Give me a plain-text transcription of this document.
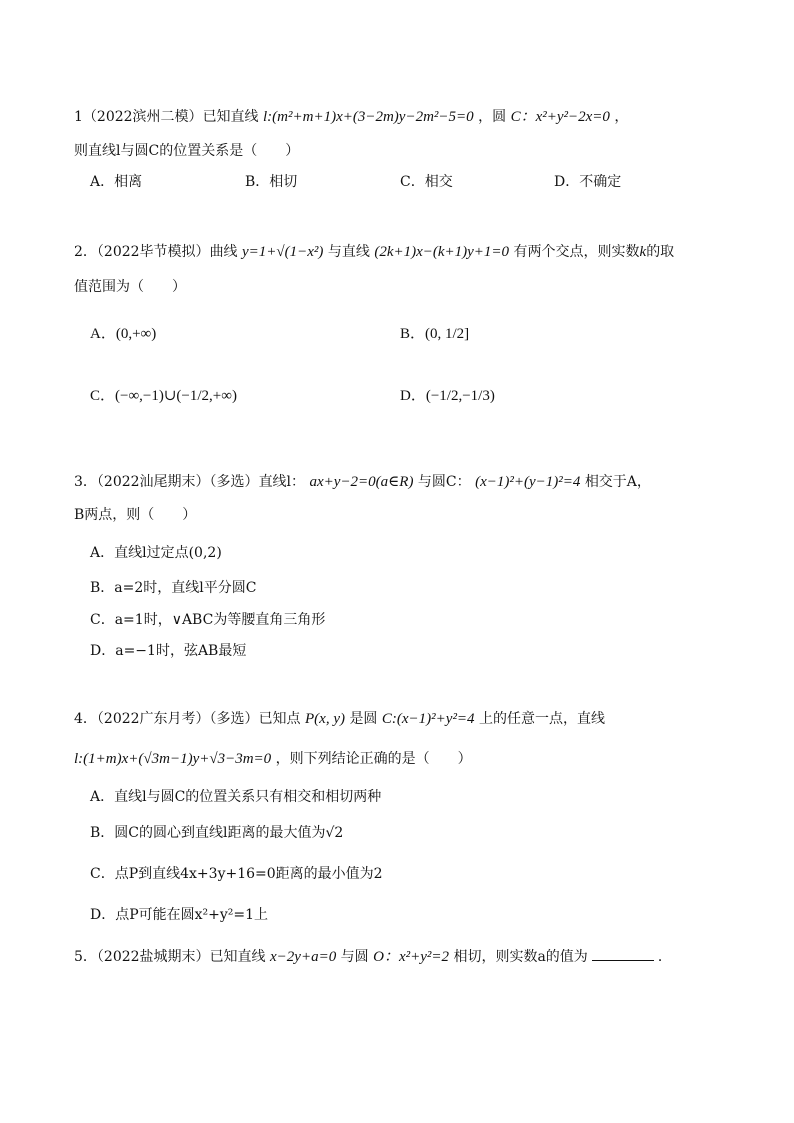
1（2022滨州二模）已知直线 l:(m²+m+1)x+(3−2m)y−2m²−5=0 ，圆 C：x²+y²−2x=0 ，
则直线l与圆C的位置关系是（　　）
A．相离	B．相切	C．相交	D．不确定
2．（2022毕节模拟）曲线 y=1+√(1−x²) 与直线 (2k+1)x−(k+1)y+1=0 有两个交点，则实数k的取
值范围为（　　）
A．(0,+∞)	B．(0, 1/2]
C．(−∞,−1)∪(−1/2,+∞)	D．(−1/2,−1/3)
3．（2022汕尾期末）（多选）直线l： ax+y−2=0(a∈R) 与圆C： (x−1)²+(y−1)²=4 相交于A，
B两点，则（　　）
A．直线l过定点(0,2)
B．a=2时，直线l平分圆C
C．a=1时，∨ABC为等腰直角三角形
D．a=−1时，弦AB最短
4．（2022广东月考）（多选）已知点 P(x, y) 是圆 C:(x−1)²+y²=4 上的任意一点，直线
l:(1+m)x+(√3m−1)y+√3−3m=0 ，则下列结论正确的是（　　）
A．直线l与圆C的位置关系只有相交和相切两种
B．圆C的圆心到直线l距离的最大值为√2
C．点P到直线4x+3y+16=0距离的最小值为2
D．点P可能在圆x²+y²=1上
5．（2022盐城期末）已知直线 x−2y+a=0 与圆 O：x²+y²=2 相切，则实数a的值为	．
